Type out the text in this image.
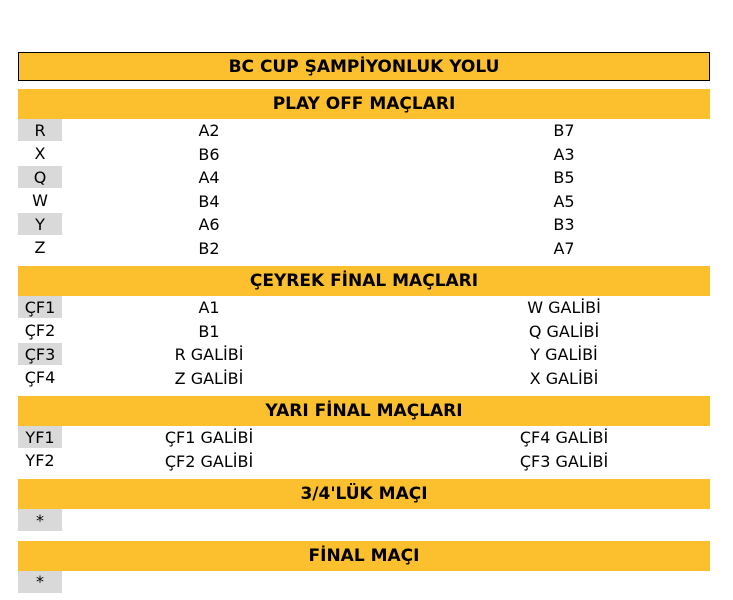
BC CUP ŞAMPİYONLUK YOLU
PLAY OFF MAÇLARI
R	A2	B7
X	B6	A3
Q	A4	B5
W	B4	A5
Y	A6	B3
Z	B2	A7
ÇEYREK FİNAL MAÇLARI
ÇF1	A1	W GALİBİ
ÇF2	B1	Q GALİBİ
ÇF3	R GALİBİ	Y GALİBİ
ÇF4	Z GALİBİ	X GALİBİ
YARI FİNAL MAÇLARI
YF1	ÇF1 GALİBİ	ÇF4 GALİBİ
YF2	ÇF2 GALİBİ	ÇF3 GALİBİ
3/4'LÜK MAÇI
*
FİNAL MAÇI
*
